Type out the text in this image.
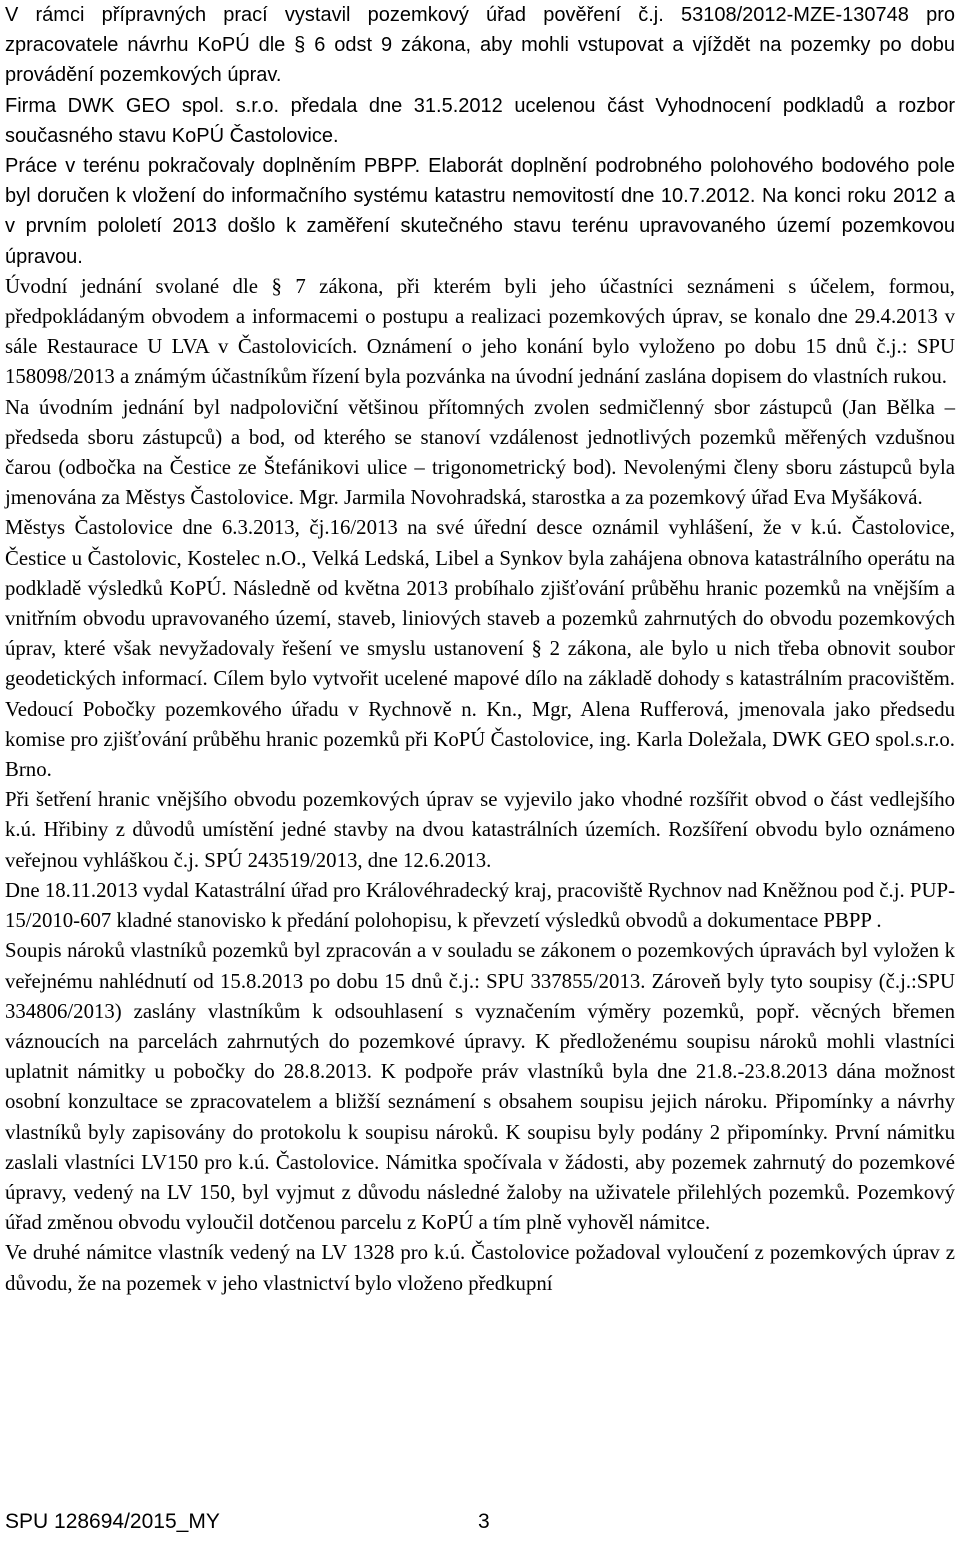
V rámci přípravných prací vystavil pozemkový úřad pověření č.j. 53108/2012-MZE-130748 pro zpracovatele návrhu KoPÚ dle § 6 odst 9 zákona, aby mohli vstupovat a vjíždět na pozemky po dobu provádění pozemkových úprav.

Firma DWK GEO spol. s.r.o. předala dne 31.5.2012 ucelenou část Vyhodnocení podkladů a rozbor současného stavu KoPÚ Častolovice.

Práce v terénu pokračovaly doplněním PBPP. Elaborát doplnění podrobného polohového bodového pole byl doručen k vložení do informačního systému katastru nemovitostí dne 10.7.2012. Na konci roku 2012 a v prvním pololetí 2013 došlo k zaměření skutečného stavu terénu upravovaného území pozemkovou úpravou.

Úvodní jednání svolané dle § 7 zákona, při kterém byli jeho účastníci seznámeni s účelem, formou, předpokládaným obvodem a informacemi o postupu a realizaci pozemkových úprav, se konalo dne 29.4.2013 v sále Restaurace U LVA v Častolovicích. Oznámení o jeho konání bylo vyloženo po dobu 15 dnů č.j.: SPU 158098/2013 a známým účastníkům řízení byla pozvánka na úvodní jednání zaslána dopisem do vlastních rukou.

Na úvodním jednání byl nadpoloviční většinou přítomných zvolen sedmičlenný sbor zástupců (Jan Bělka – předseda sboru zástupců) a bod, od kterého se stanoví vzdálenost jednotlivých pozemků měřených vzdušnou čarou (odbočka na Čestice ze Štefánikovi ulice – trigonometrický bod). Nevolenými členy sboru zástupců byla jmenována za Městys Častolovice. Mgr. Jarmila Novohradská, starostka a za pozemkový úřad Eva Myšáková.

Městys Častolovice dne 6.3.2013, čj.16/2013 na své úřední desce oznámil vyhlášení, že v k.ú. Častolovice, Čestice u Častolovic, Kostelec n.O., Velká Ledská, Libel a Synkov byla zahájena obnova katastrálního operátu na podkladě výsledků KoPÚ. Následně od května 2013 probíhalo zjišťování průběhu hranic pozemků na vnějším a vnitřním obvodu upravovaného území, staveb, liniových staveb a pozemků zahrnutých do obvodu pozemkových úprav, které však nevyžadovaly řešení ve smyslu ustanovení § 2 zákona, ale bylo u nich třeba obnovit soubor geodetických informací. Cílem bylo vytvořit ucelené mapové dílo na základě dohody s katastrálním pracovištěm. Vedoucí Pobočky pozemkového úřadu v Rychnově n. Kn., Mgr, Alena Rufferová, jmenovala jako předsedu komise pro zjišťování průběhu hranic pozemků při KoPÚ Častolovice, ing. Karla Doležala, DWK GEO spol.s.r.o. Brno.

Při šetření hranic vnějšího obvodu pozemkových úprav se vyjevilo jako vhodné rozšířit obvod o část vedlejšího k.ú. Hřibiny z důvodů umístění jedné stavby na dvou katastrálních územích. Rozšíření obvodu bylo oznámeno veřejnou vyhláškou č.j. SPÚ 243519/2013, dne 12.6.2013.

Dne 18.11.2013 vydal Katastrální úřad pro Královéhradecký kraj, pracoviště Rychnov nad Kněžnou pod č.j. PUP-15/2010-607 kladné stanovisko k předání polohopisu, k převzetí výsledků obvodů a dokumentace PBPP .

Soupis nároků vlastníků pozemků byl zpracován a v souladu se zákonem o pozemkových úpravách byl vyložen k veřejnému nahlédnutí od 15.8.2013 po dobu 15 dnů č.j.: SPU 337855/2013. Zároveň byly tyto soupisy (č.j.:SPU 334806/2013) zaslány vlastníkům k odsouhlasení s vyznačením výměry pozemků, popř. věcných břemen váznoucích na parcelách zahrnutých do pozemkové úpravy. K předloženému soupisu nároků mohli vlastníci uplatnit námitky u pobočky do 28.8.2013. K podpoře práv vlastníků byla dne 21.8.-23.8.2013 dána možnost osobní konzultace se zpracovatelem a bližší seznámení s obsahem soupisu jejich nároku. Připomínky a návrhy vlastníků byly zapisovány do protokolu k soupisu nároků. K soupisu byly podány 2 připomínky. První námitku zaslali vlastníci LV150 pro k.ú. Častolovice. Námitka spočívala v žádosti, aby pozemek zahrnutý do pozemkové úpravy, vedený na LV 150, byl vyjmut z důvodu následné žaloby na uživatele přilehlých pozemků. Pozemkový úřad změnou obvodu vyloučil dotčenou parcelu z KoPÚ a tím plně vyhověl námitce.

Ve druhé námitce vlastník vedený na LV 1328 pro k.ú. Častolovice požadoval vyloučení z pozemkových úprav z důvodu, že na pozemek v jeho vlastnictví bylo vloženo předkupní

SPU 128694/2015_MY	3
